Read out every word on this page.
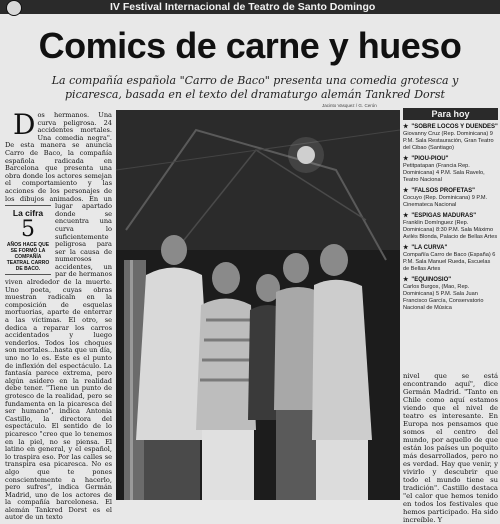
IV Festival Internacional de Teatro de Santo Domingo
Comics de carne y hueso
La compañía española "Carro de Baco" presenta una comedia grotesca y picaresca, basada en el texto del dramaturgo alemán Tankred Dorst
D os hermanos. Una curva peligrosa. 24 accidentes mortales. Una comedia negra". De esta manera se anuncia Carro de Baco, la compañía española radicada en Barcelona que presenta una obra donde los actores semejan el comportamiento y las acciones de los personajes de los dibujos animados.
La cifra
5
AÑOS HACE QUE SE FORMÓ LA COMPAÑÍA TEATRAL CARRO DE BACO.
En un lugar apartado donde se encuentra una curva lo suficientemente peligrosa para ser la causa de numerosos accidentes, un par de hermanos viven alrededor de la muerte. Uno poeta, cuyas obras muestran radicaln en la composición de esquelas mortuorias, aparte de enterrar a las víctimas. El otro, se dedica a reparar los carros accidentados y luego venderlos. Todos los choques son mortales...hasta que un día, uno no lo es. Este es el punto de inflexión del espectáculo. La fantasía parece extrema, pero algún asidero en la realidad debe tener. "Tiene un punto de grotesco de la realidad, pero se fundamenta en la picaresca del ser humano", indica Antonia Castillo, la directora del espectáculo. El sentido de lo picaresco "creo que lo tenemos en la piel, no se piensa. El latino en general, y el español, lo traspira eso. Por las calles se transpira esa picaresca. No es algo que te pones conscientemente a hacerlo, pero sufres", indica Germán Madrid, uno de los actores de la compañía barcelonesa. El alemán Tankred Dorst es el autor de un texto
Jacinto Vasquez / G. Cerón
Para hoy
★ "SOBRE LOCOS Y DUENDES"
Giovanny Cruz (Rep. Dominicana) 9 P.M. Sala Restauración, Gran Teatro del Cibao (Santiago)
★ "PIOU-PIOU"
Petitpatapan (Francia Rep. Dominicana) 4 P.M. Sala Ravelo, Teatro Nacional
★ "FALSOS PROFETAS"
Cocuyo (Rep. Dominicana) 9 P.M. Cinemateca Nacional
★ "ESPIGAS MADURAS"
Franklin Domínguez (Rep. Dominicana) 8:30 P.M. Sala Máximo Avilés Blonda, Palacio de Bellas Artes
★ "LA CURVA"
Compañía Carro de Baco (España) 6 P.M. Sala Manuel Rueda, Escuelas de Bellas Artes
★ "EQUINOSIO"
Carlos Burgos, (Mao, Rep. Dominicana) 5 P.M. Sala Juan Francisco García, Conservatorio Nacional de Música
nivel que se está encontrando aquí", dice Germán Madrid. "Tanto en Chile como aquí estamos viendo que el nivel de teatro es interesante. En Europa nos pensamos que somos el centro del mundo, por aquello de que están los países un poquito más desarrollados, pero no es verdad. Hay que venir, y vivirlo y descubrir que todo el mundo tiene su tradición". Castillo destaca "el calor que hemos tenido en todos los festivales que hemos participado. Ha sido increíble. Y
